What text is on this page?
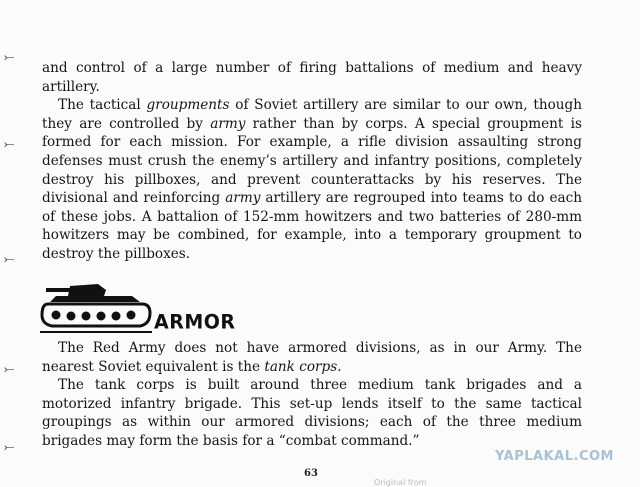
⤚
⤚
⤚
⤚
⤚

and control of a large number of firing battalions of medium and heavy artillery.

The tactical groupments of Soviet artillery are similar to our own, though they are controlled by army rather than by corps. A special groupment is formed for each mission. For example, a rifle division assaulting strong defenses must crush the enemy’s artillery and infantry positions, completely destroy his pillboxes, and prevent counterattacks by his reserves. The divisional and reinforcing army artillery are regrouped into teams to do each of these jobs. A battalion of 152-mm howitzers and two batteries of 280-mm howitzers may be combined, for example, into a temporary groupment to destroy the pillboxes.

ARMOR

The Red Army does not have armored divisions, as in our Army. The nearest Soviet equivalent is the tank corps.

The tank corps is built around three medium tank brigades and a motorized infantry brigade. This set-up lends itself to the same tactical groupings as within our armored divisions; each of the three medium brigades may form the basis for a “combat command.”

YAPLAKAL.COM
63
Original from
